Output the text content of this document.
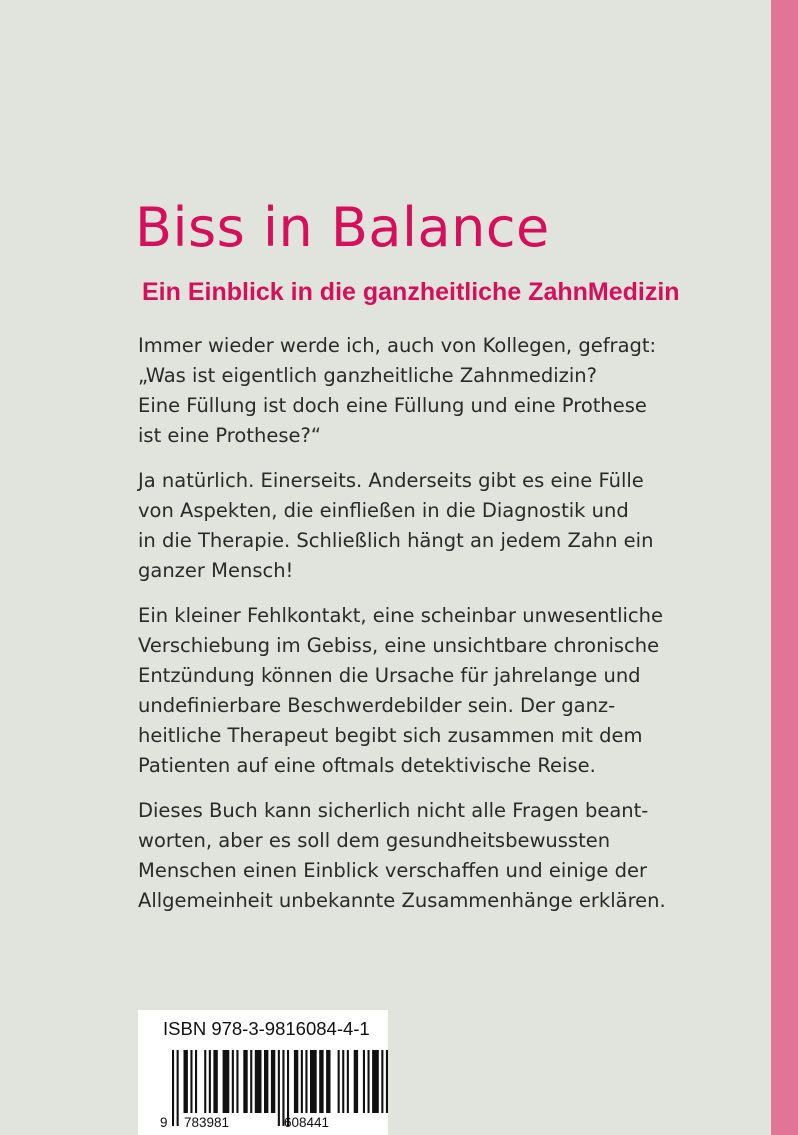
Biss in Balance
Ein Einblick in die ganzheitliche ZahnMedizin

Immer wieder werde ich, auch von Kollegen, gefragt:
„Was ist eigentlich ganzheitliche Zahnmedizin?
Eine Füllung ist doch eine Füllung und eine Prothese
ist eine Prothese?“

Ja natürlich. Einerseits. Anderseits gibt es eine Fülle
von Aspekten, die einfließen in die Diagnostik und
in die Therapie. Schließlich hängt an jedem Zahn ein
ganzer Mensch!

Ein kleiner Fehlkontakt, eine scheinbar unwesentliche
Verschiebung im Gebiss, eine unsichtbare chronische
Entzündung können die Ursache für jahrelange und
undefinierbare Beschwerdebilder sein. Der ganz-
heitliche Therapeut begibt sich zusammen mit dem
Patienten auf eine oftmals detektivische Reise.

Dieses Buch kann sicherlich nicht alle Fragen beant-
worten, aber es soll dem gesundheitsbewussten
Menschen einen Einblick verschaffen und einige der
Allgemeinheit unbekannte Zusammenhänge erklären.

ISBN 978-3-9816084-4-1
9 783981	608441
